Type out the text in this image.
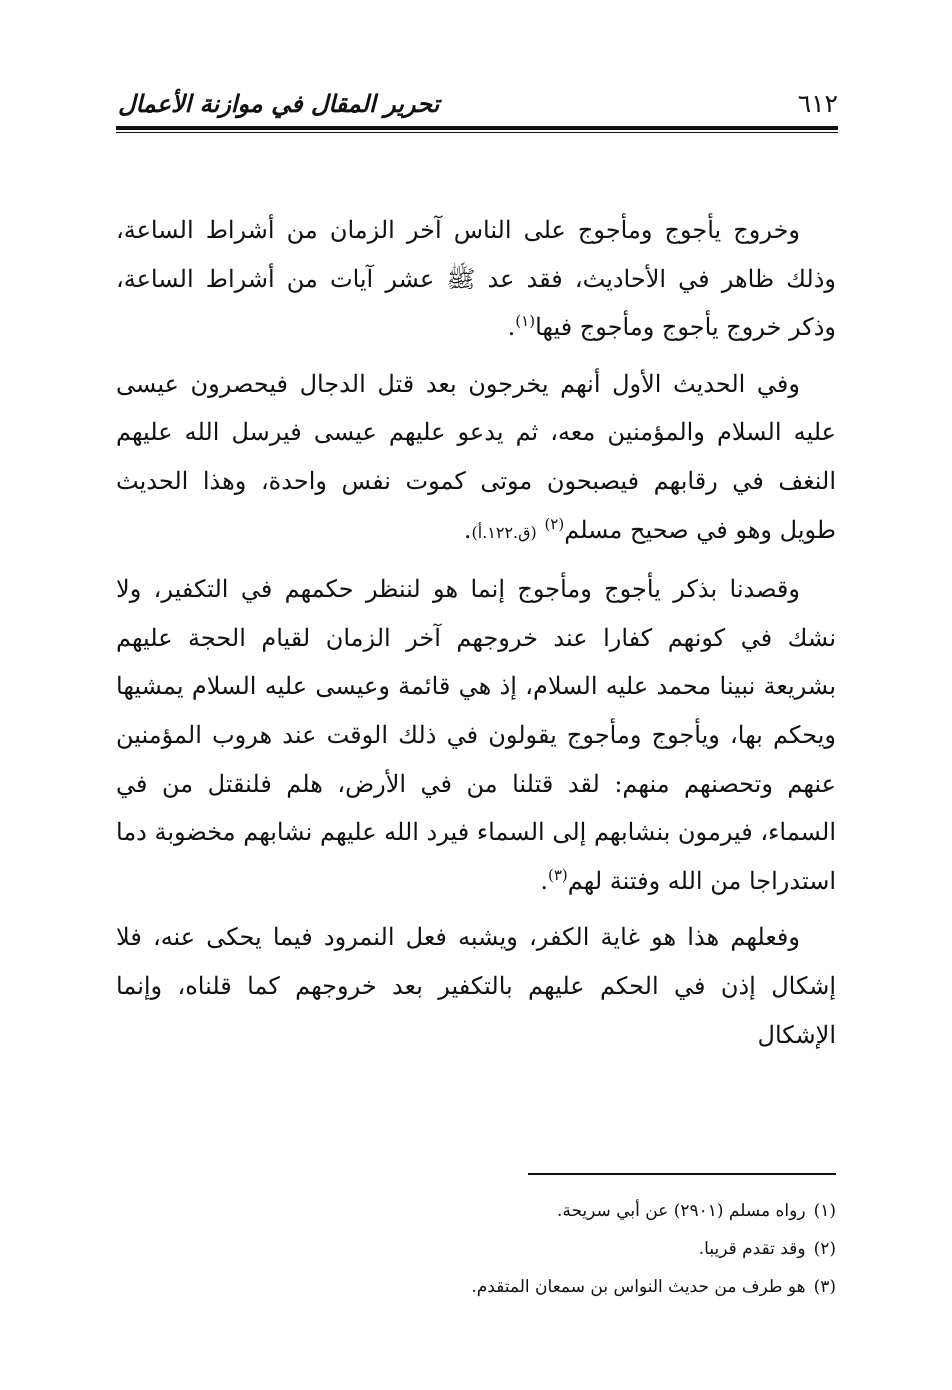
٦١٢
تحرير المقال في موازنة الأعمال

وخروج يأجوج ومأجوج على الناس آخر الزمان من أشراط الساعة، وذلك ظاهر في الأحاديث، فقد عد ﷺ عشر آيات من أشراط الساعة، وذكر خروج يأجوج ومأجوج فيها$^{(١)}$.

وفي الحديث الأول أنهم يخرجون بعد قتل الدجال فيحصرون عيسى عليه السلام والمؤمنين معه، ثم يدعو عليهم عيسى فيرسل الله عليهم النغف في رقابهم فيصبحون موتى كموت نفس واحدة، وهذا الحديث طويل وهو في صحيح مسلم$^{(٢)}$ (ق.١٢٢.أ).

وقصدنا بذكر يأجوج ومأجوج إنما هو لننظر حكمهم في التكفير، ولا نشك في كونهم كفارا عند خروجهم آخر الزمان لقيام الحجة عليهم بشريعة نبينا محمد عليه السلام، إذ هي قائمة وعيسى عليه السلام يمشيها ويحكم بها، ويأجوج ومأجوج يقولون في ذلك الوقت عند هروب المؤمنين عنهم وتحصنهم منهم: لقد قتلنا من في الأرض، هلم فلنقتل من في السماء، فيرمون بنشابهم إلى السماء فيرد الله عليهم نشابهم مخضوبة دما استدراجا من الله وفتنة لهم$^{(٣)}$.

وفعلهم هذا هو غاية الكفر، ويشبه فعل النمرود فيما يحكى عنه، فلا إشكال إذن في الحكم عليهم بالتكفير بعد خروجهم كما قلناه، وإنما الإشكال

(١)رواه مسلم (٢٩٠١) عن أبي سريحة.

(٢)وقد تقدم قريبا.

(٣)هو طرف من حديث النواس بن سمعان المتقدم.
